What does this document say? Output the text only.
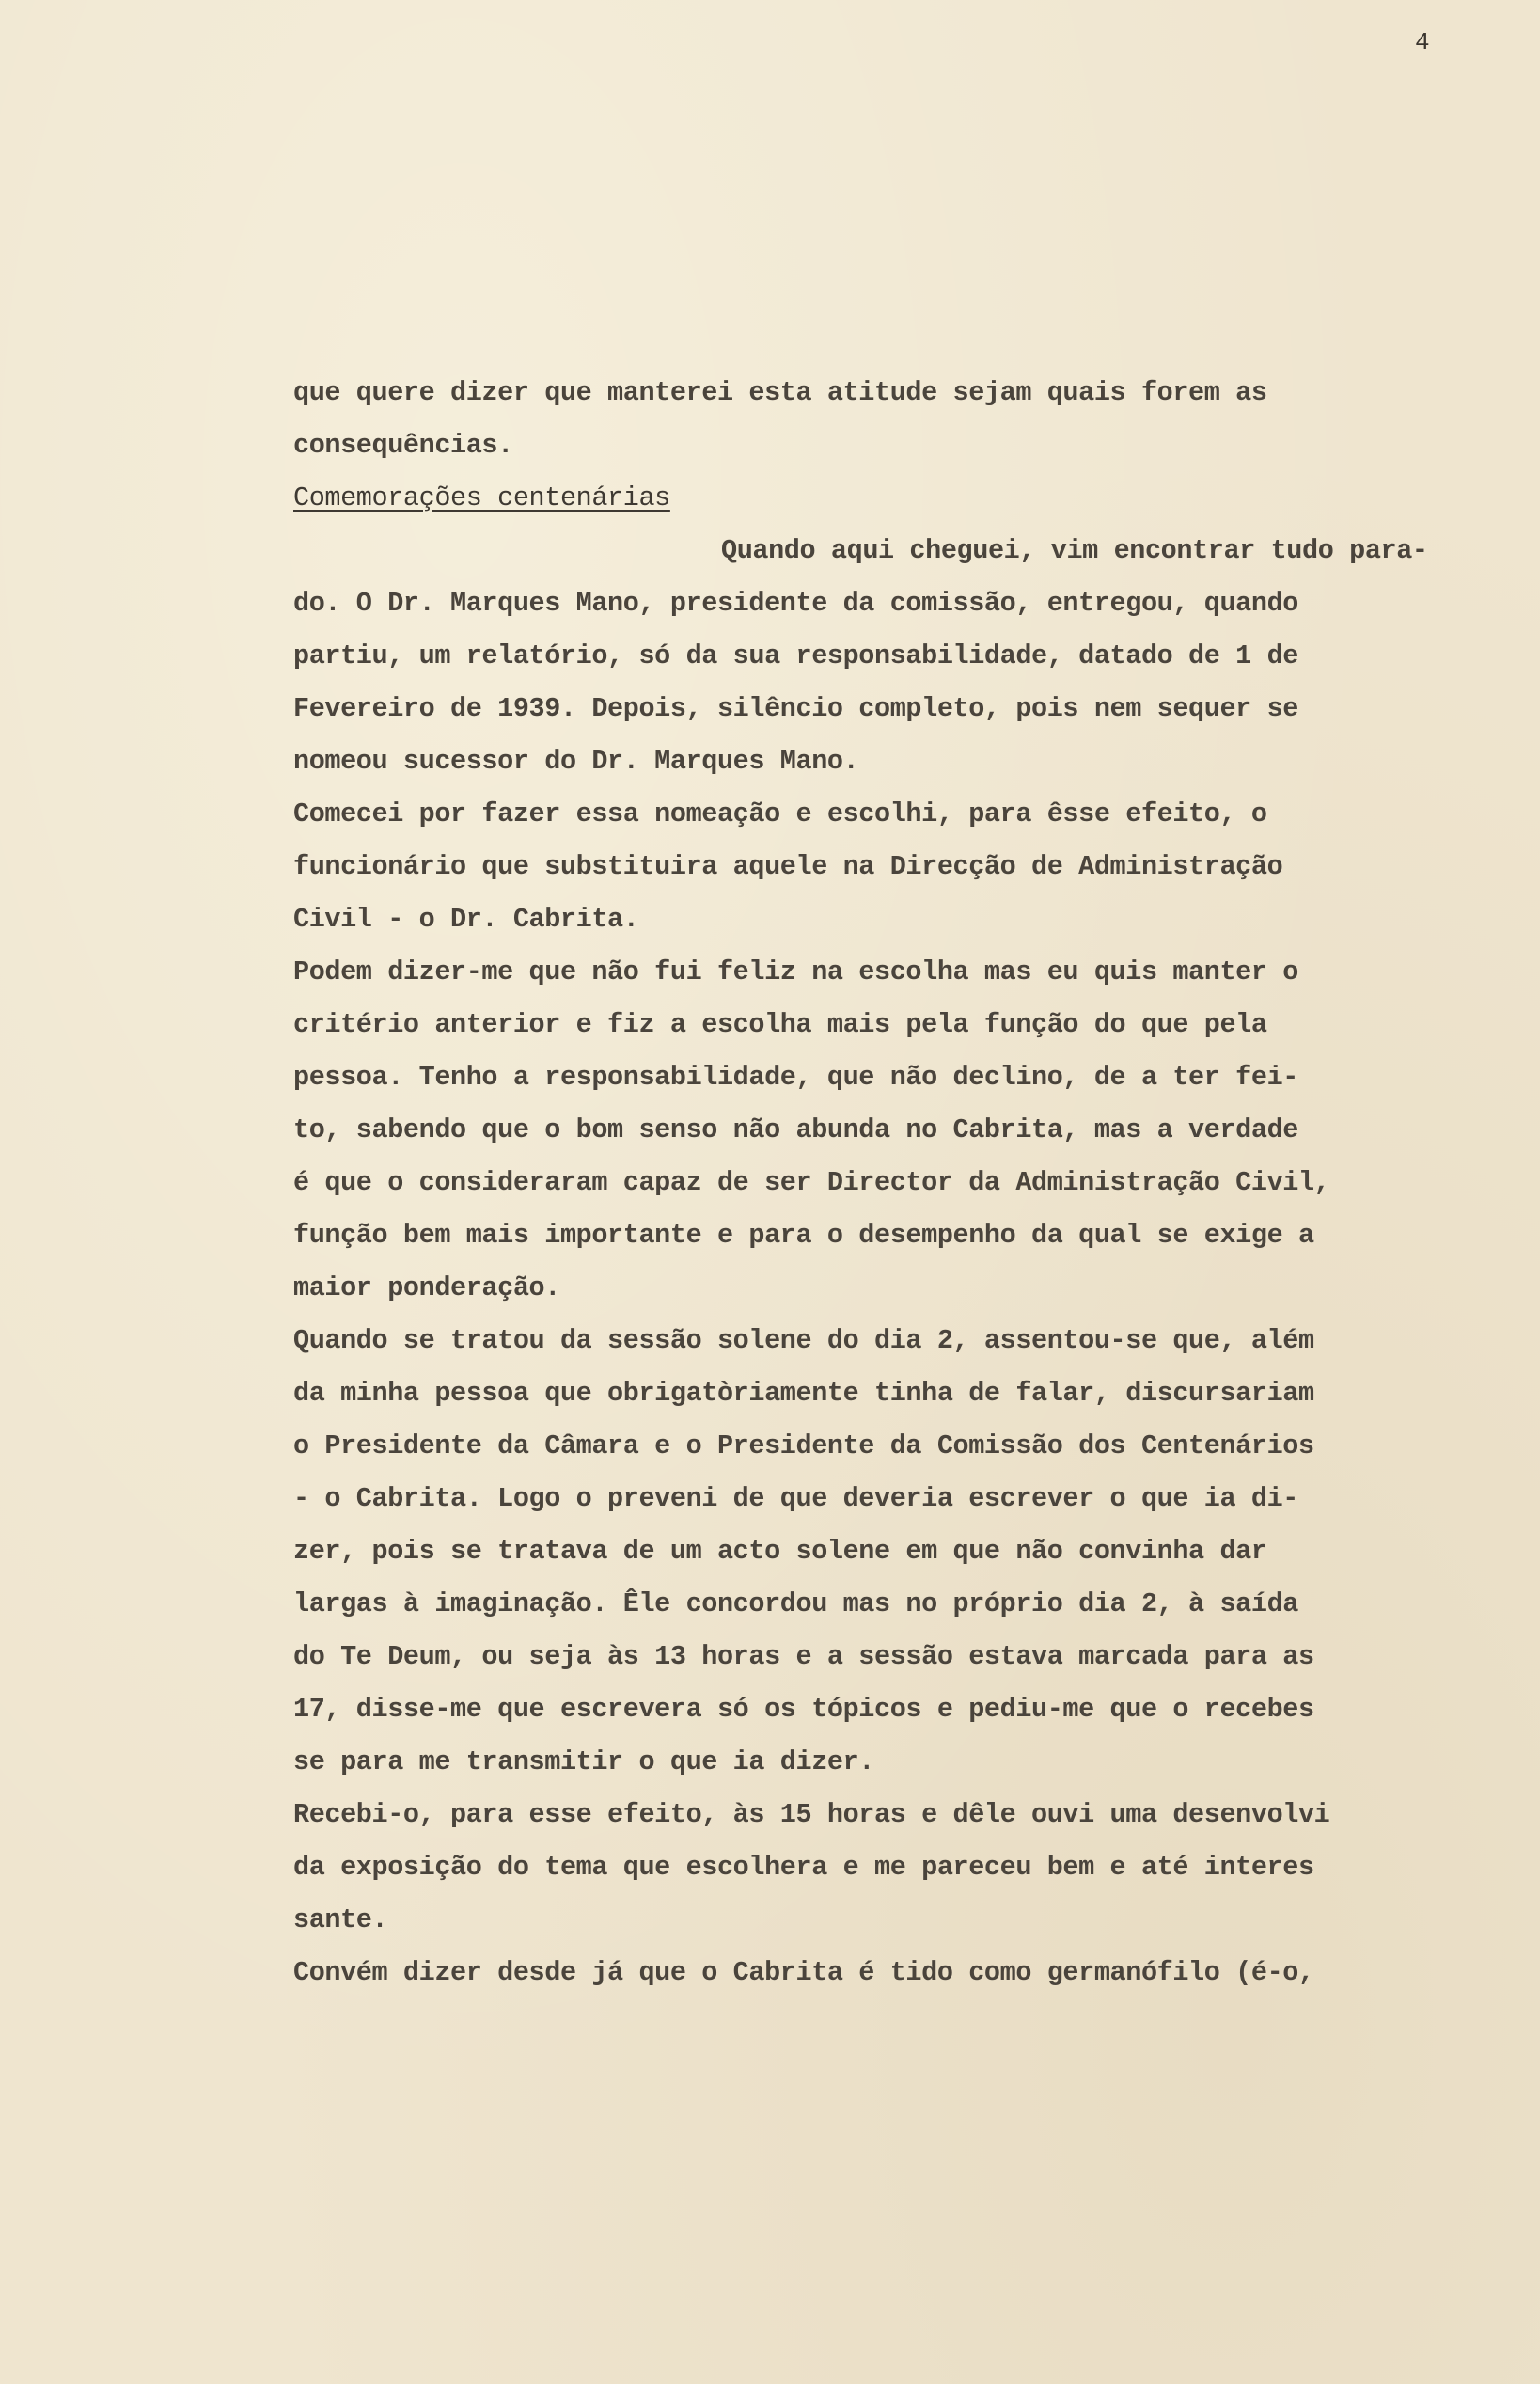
4
que quere dizer que manterei esta atitude sejam quais forem as
consequências.
Comemorações centenárias
Quando aqui cheguei, vim encontrar tudo para-
do. O Dr. Marques Mano, presidente da comissão, entregou, quando
partiu, um relatório, só da sua responsabilidade, datado de 1 de
Fevereiro de 1939. Depois, silêncio completo, pois nem sequer se
nomeou sucessor do Dr. Marques Mano.
Comecei por fazer essa nomeação e escolhi, para êsse efeito, o
funcionário que substituira aquele na Direcção de Administração
Civil - o Dr. Cabrita.
Podem dizer-me que não fui feliz na escolha mas eu quis manter o
critério anterior e fiz a escolha mais pela função do que pela
pessoa. Tenho a responsabilidade, que não declino, de a ter fei-
to, sabendo que o bom senso não abunda no Cabrita, mas a verdade
é que o consideraram capaz de ser Director da Administração Civil,
função bem mais importante e para o desempenho da qual se exige a
maior ponderação.
Quando se tratou da sessão solene do dia 2, assentou-se que, além
da minha pessoa que obrigatòriamente tinha de falar, discursariam
o Presidente da Câmara e o Presidente da Comissão dos Centenários
- o Cabrita. Logo o preveni de que deveria escrever o que ia di-
zer, pois se tratava de um acto solene em que não convinha dar
largas à imaginação. Êle concordou mas no próprio dia 2, à saída
do Te Deum, ou seja às 13 horas e a sessão estava marcada para as
17, disse-me que escrevera só os tópicos e pediu-me que o recebes
se para me transmitir o que ia dizer.
Recebi-o, para esse efeito, às 15 horas e dêle ouvi uma desenvolvi
da exposição do tema que escolhera e me pareceu bem e até interes
sante.
Convém dizer desde já que o Cabrita é tido como germanófilo (é-o,
